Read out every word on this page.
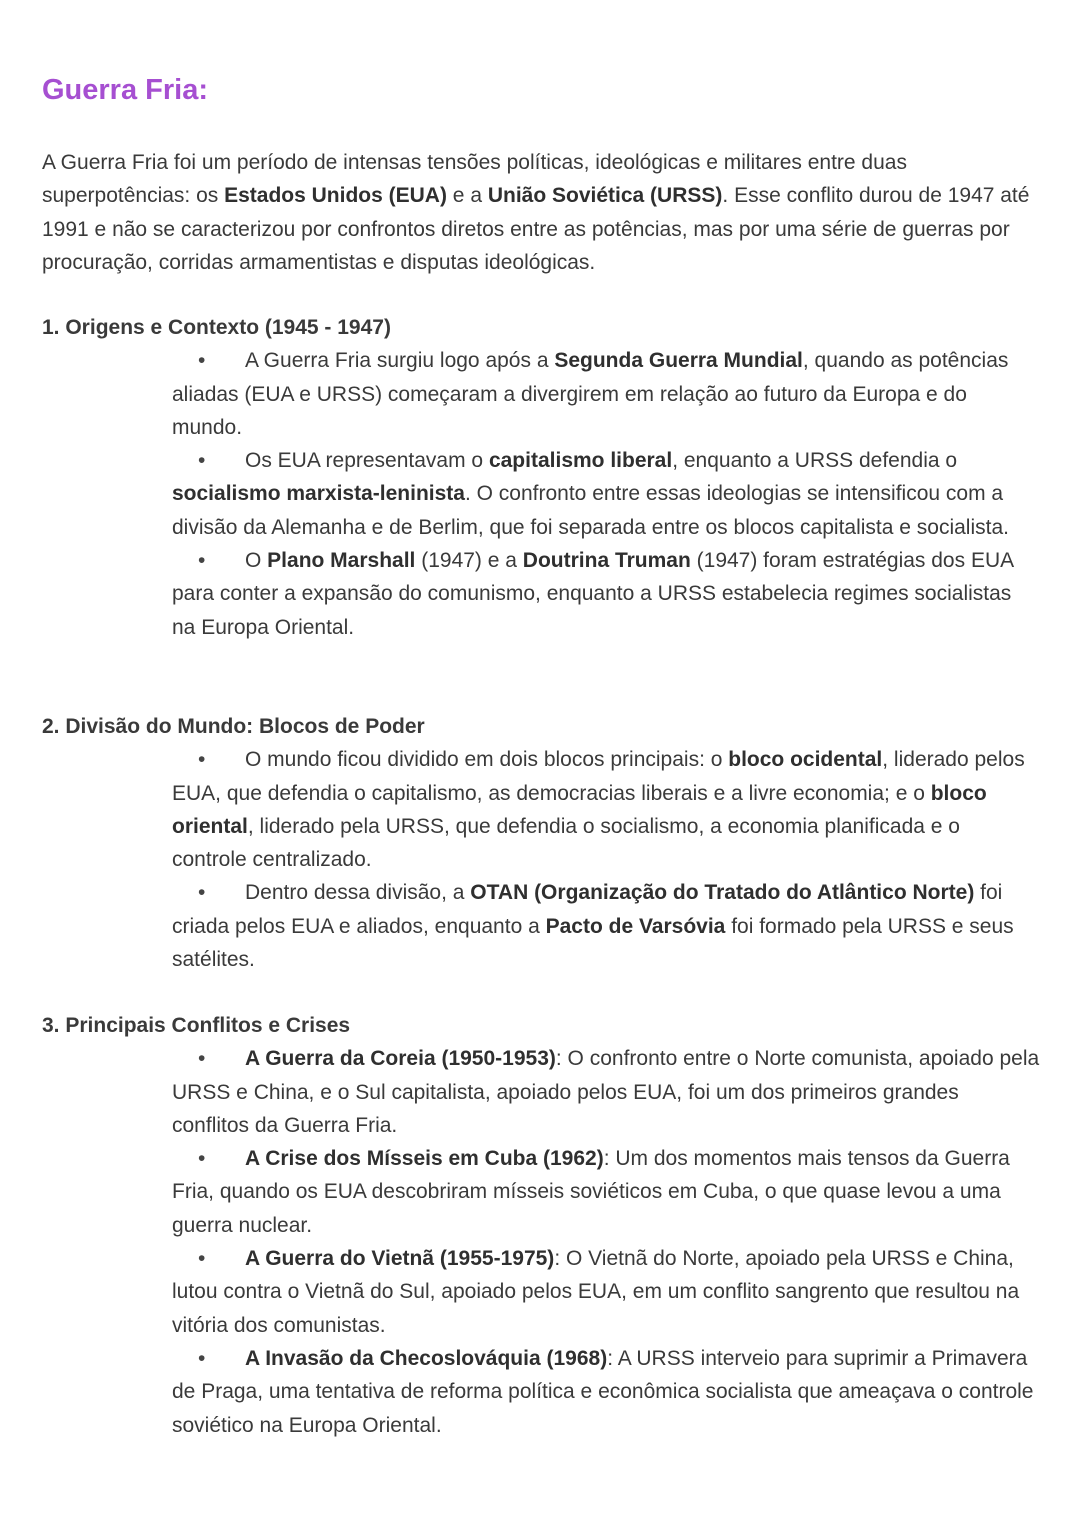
Guerra Fria:

A Guerra Fria foi um período de intensas tensões políticas, ideológicas e militares entre duas superpotências: os Estados Unidos (EUA) e a União Soviética (URSS). Esse conflito durou de 1947 até 1991 e não se caracterizou por confrontos diretos entre as potências, mas por uma série de guerras por procuração, corridas armamentistas e disputas ideológicas.

1. Origens e Contexto (1945 - 1947)
• A Guerra Fria surgiu logo após a Segunda Guerra Mundial, quando as potências aliadas (EUA e URSS) começaram a divergirem em relação ao futuro da Europa e do mundo.
• Os EUA representavam o capitalismo liberal, enquanto a URSS defendia o socialismo marxista-leninista. O confronto entre essas ideologias se intensificou com a divisão da Alemanha e de Berlim, que foi separada entre os blocos capitalista e socialista.
• O Plano Marshall (1947) e a Doutrina Truman (1947) foram estratégias dos EUA para conter a expansão do comunismo, enquanto a URSS estabelecia regimes socialistas na Europa Oriental.
2. Divisão do Mundo: Blocos de Poder
• O mundo ficou dividido em dois blocos principais: o bloco ocidental, liderado pelos EUA, que defendia o capitalismo, as democracias liberais e a livre economia; e o bloco oriental, liderado pela URSS, que defendia o socialismo, a economia planificada e o controle centralizado.
• Dentro dessa divisão, a OTAN (Organização do Tratado do Atlântico Norte) foi criada pelos EUA e aliados, enquanto a Pacto de Varsóvia foi formado pela URSS e seus satélites.
3. Principais Conflitos e Crises
• A Guerra da Coreia (1950-1953): O confronto entre o Norte comunista, apoiado pela URSS e China, e o Sul capitalista, apoiado pelos EUA, foi um dos primeiros grandes conflitos da Guerra Fria.
• A Crise dos Mísseis em Cuba (1962): Um dos momentos mais tensos da Guerra Fria, quando os EUA descobriram mísseis soviéticos em Cuba, o que quase levou a uma guerra nuclear.
• A Guerra do Vietnã (1955-1975): O Vietnã do Norte, apoiado pela URSS e China, lutou contra o Vietnã do Sul, apoiado pelos EUA, em um conflito sangrento que resultou na vitória dos comunistas.
• A Invasão da Checoslováquia (1968): A URSS interveio para suprimir a Primavera de Praga, uma tentativa de reforma política e econômica socialista que ameaçava o controle soviético na Europa Oriental.
